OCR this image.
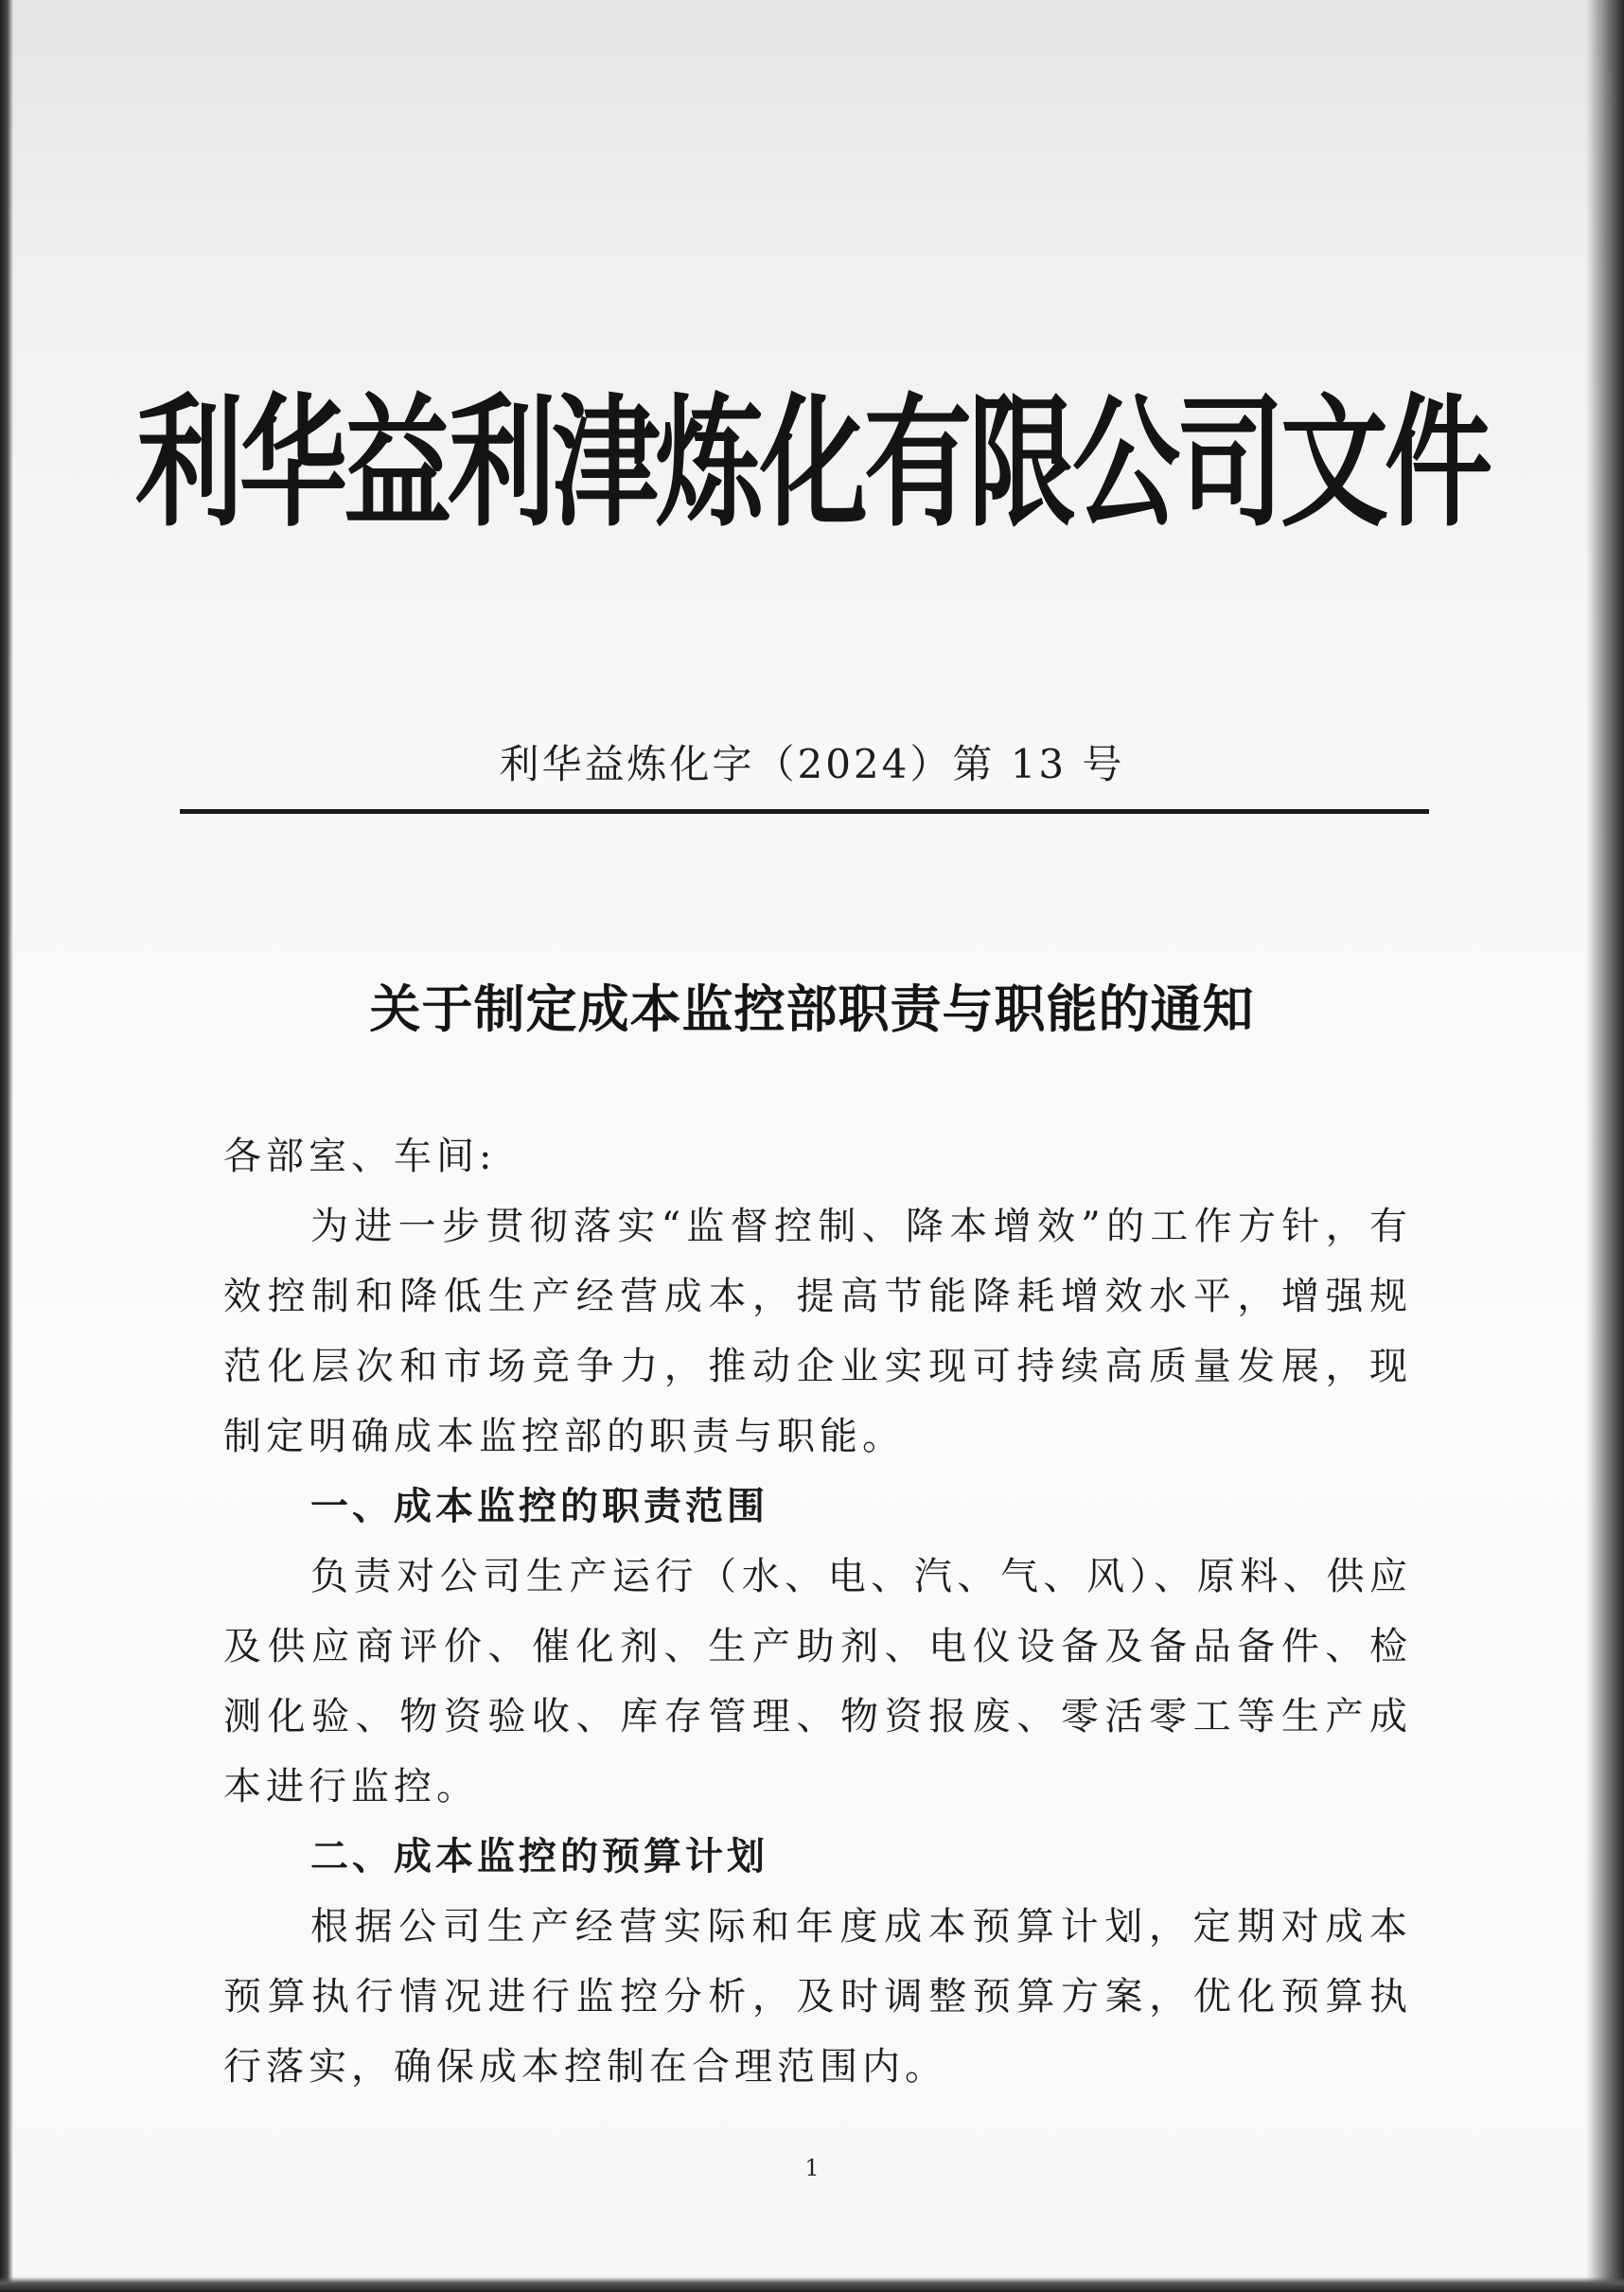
利华益利津炼化有限公司文件
利华益炼化字（2024）第 13 号
关于制定成本监控部职责与职能的通知

各部室、车间:

为进一步贯彻落实“监督控制、降本增效”的工作方针，有效控制和降低生产经营成本，提高节能降耗增效水平，增强规范化层次和市场竞争力，推动企业实现可持续高质量发展，现制定明确成本监控部的职责与职能。

一、成本监控的职责范围

负责对公司生产运行（水、电、汽、气、风）、原料、供应及供应商评价、催化剂、生产助剂、电仪设备及备品备件、检测化验、物资验收、库存管理、物资报废、零活零工等生产成本进行监控。

二、成本监控的预算计划

根据公司生产经营实际和年度成本预算计划，定期对成本预算执行情况进行监控分析，及时调整预算方案，优化预算执行落实，确保成本控制在合理范围内。

1
